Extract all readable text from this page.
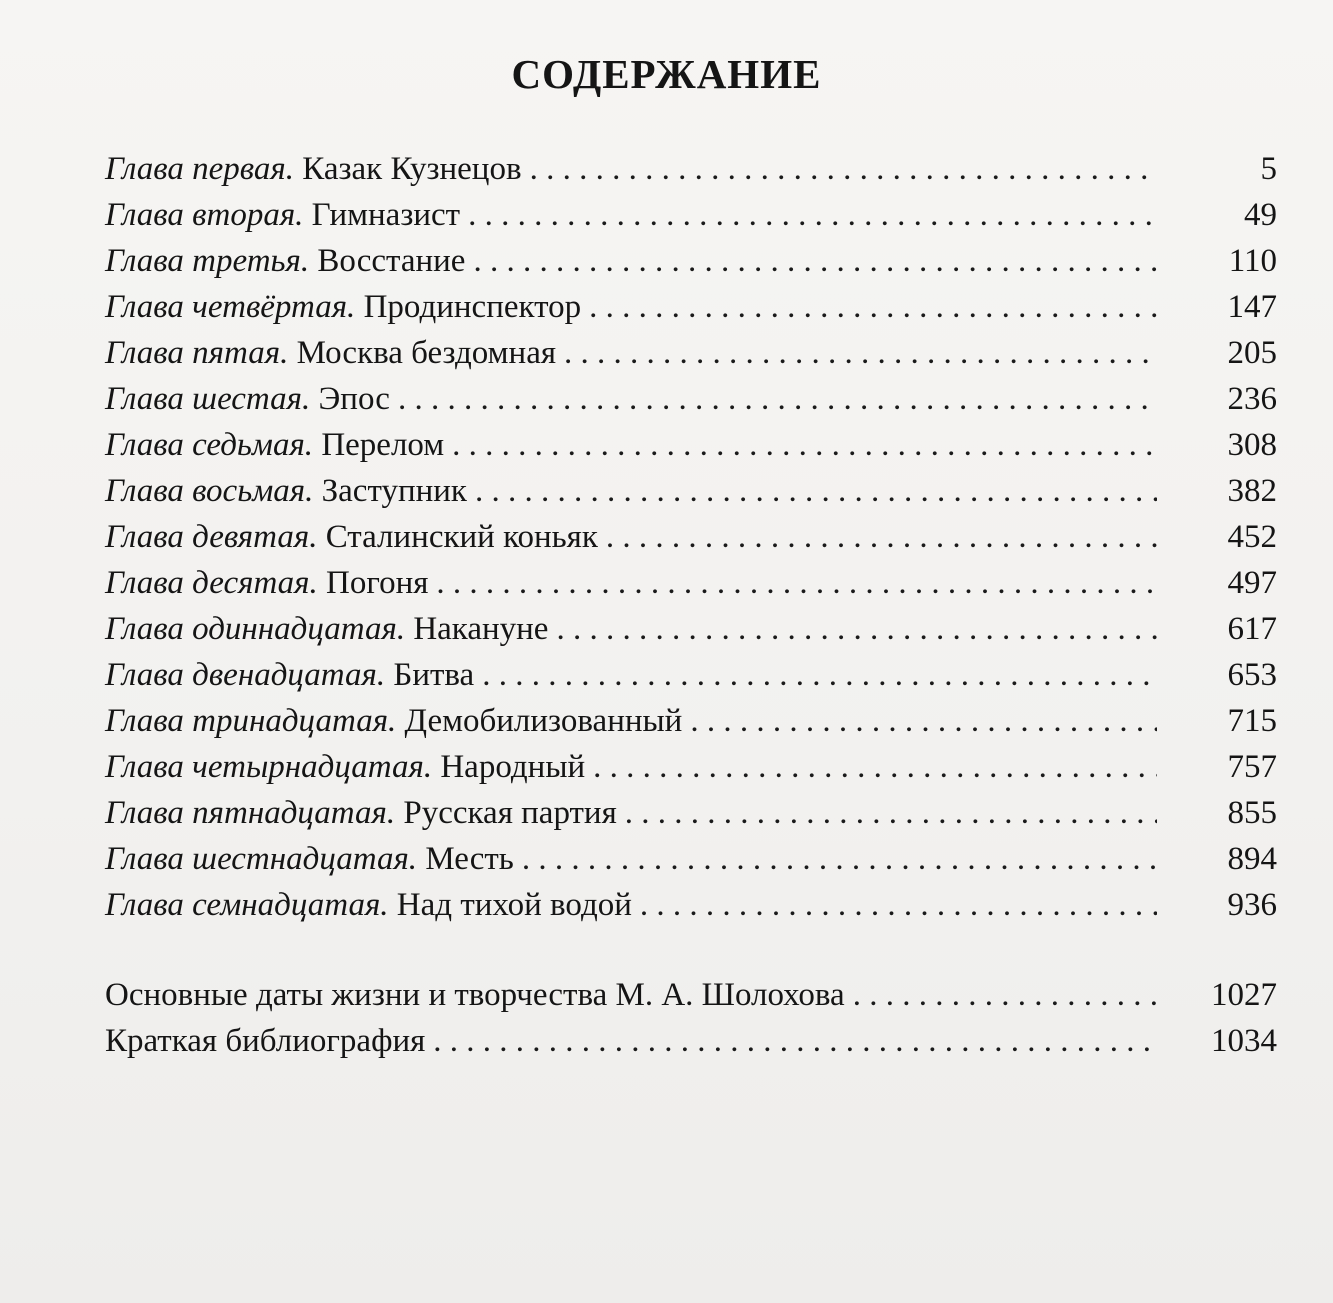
СОДЕРЖАНИЕ
Глава первая. Казак Кузнецов . . .	5
Глава вторая. Гимназист . . .	49
Глава третья. Восстание . . .	110
Глава четвёртая. Продинспектор . . .	147
Глава пятая. Москва бездомная . . .	205
Глава шестая. Эпос . . .	236
Глава седьмая. Перелом . . .	308
Глава восьмая. Заступник . . .	382
Глава девятая. Сталинский коньяк . . .	452
Глава десятая. Погоня . . .	497
Глава одиннадцатая. Накануне . . .	617
Глава двенадцатая. Битва . . .	653
Глава тринадцатая. Демобилизованный . . .	715
Глава четырнадцатая. Народный . . .	757
Глава пятнадцатая. Русская партия . . .	855
Глава шестнадцатая. Месть . . .	894
Глава семнадцатая. Над тихой водой . . .	936
Основные даты жизни и творчества М. А. Шолохова . . .	1027
Краткая библиография . . .	1034
